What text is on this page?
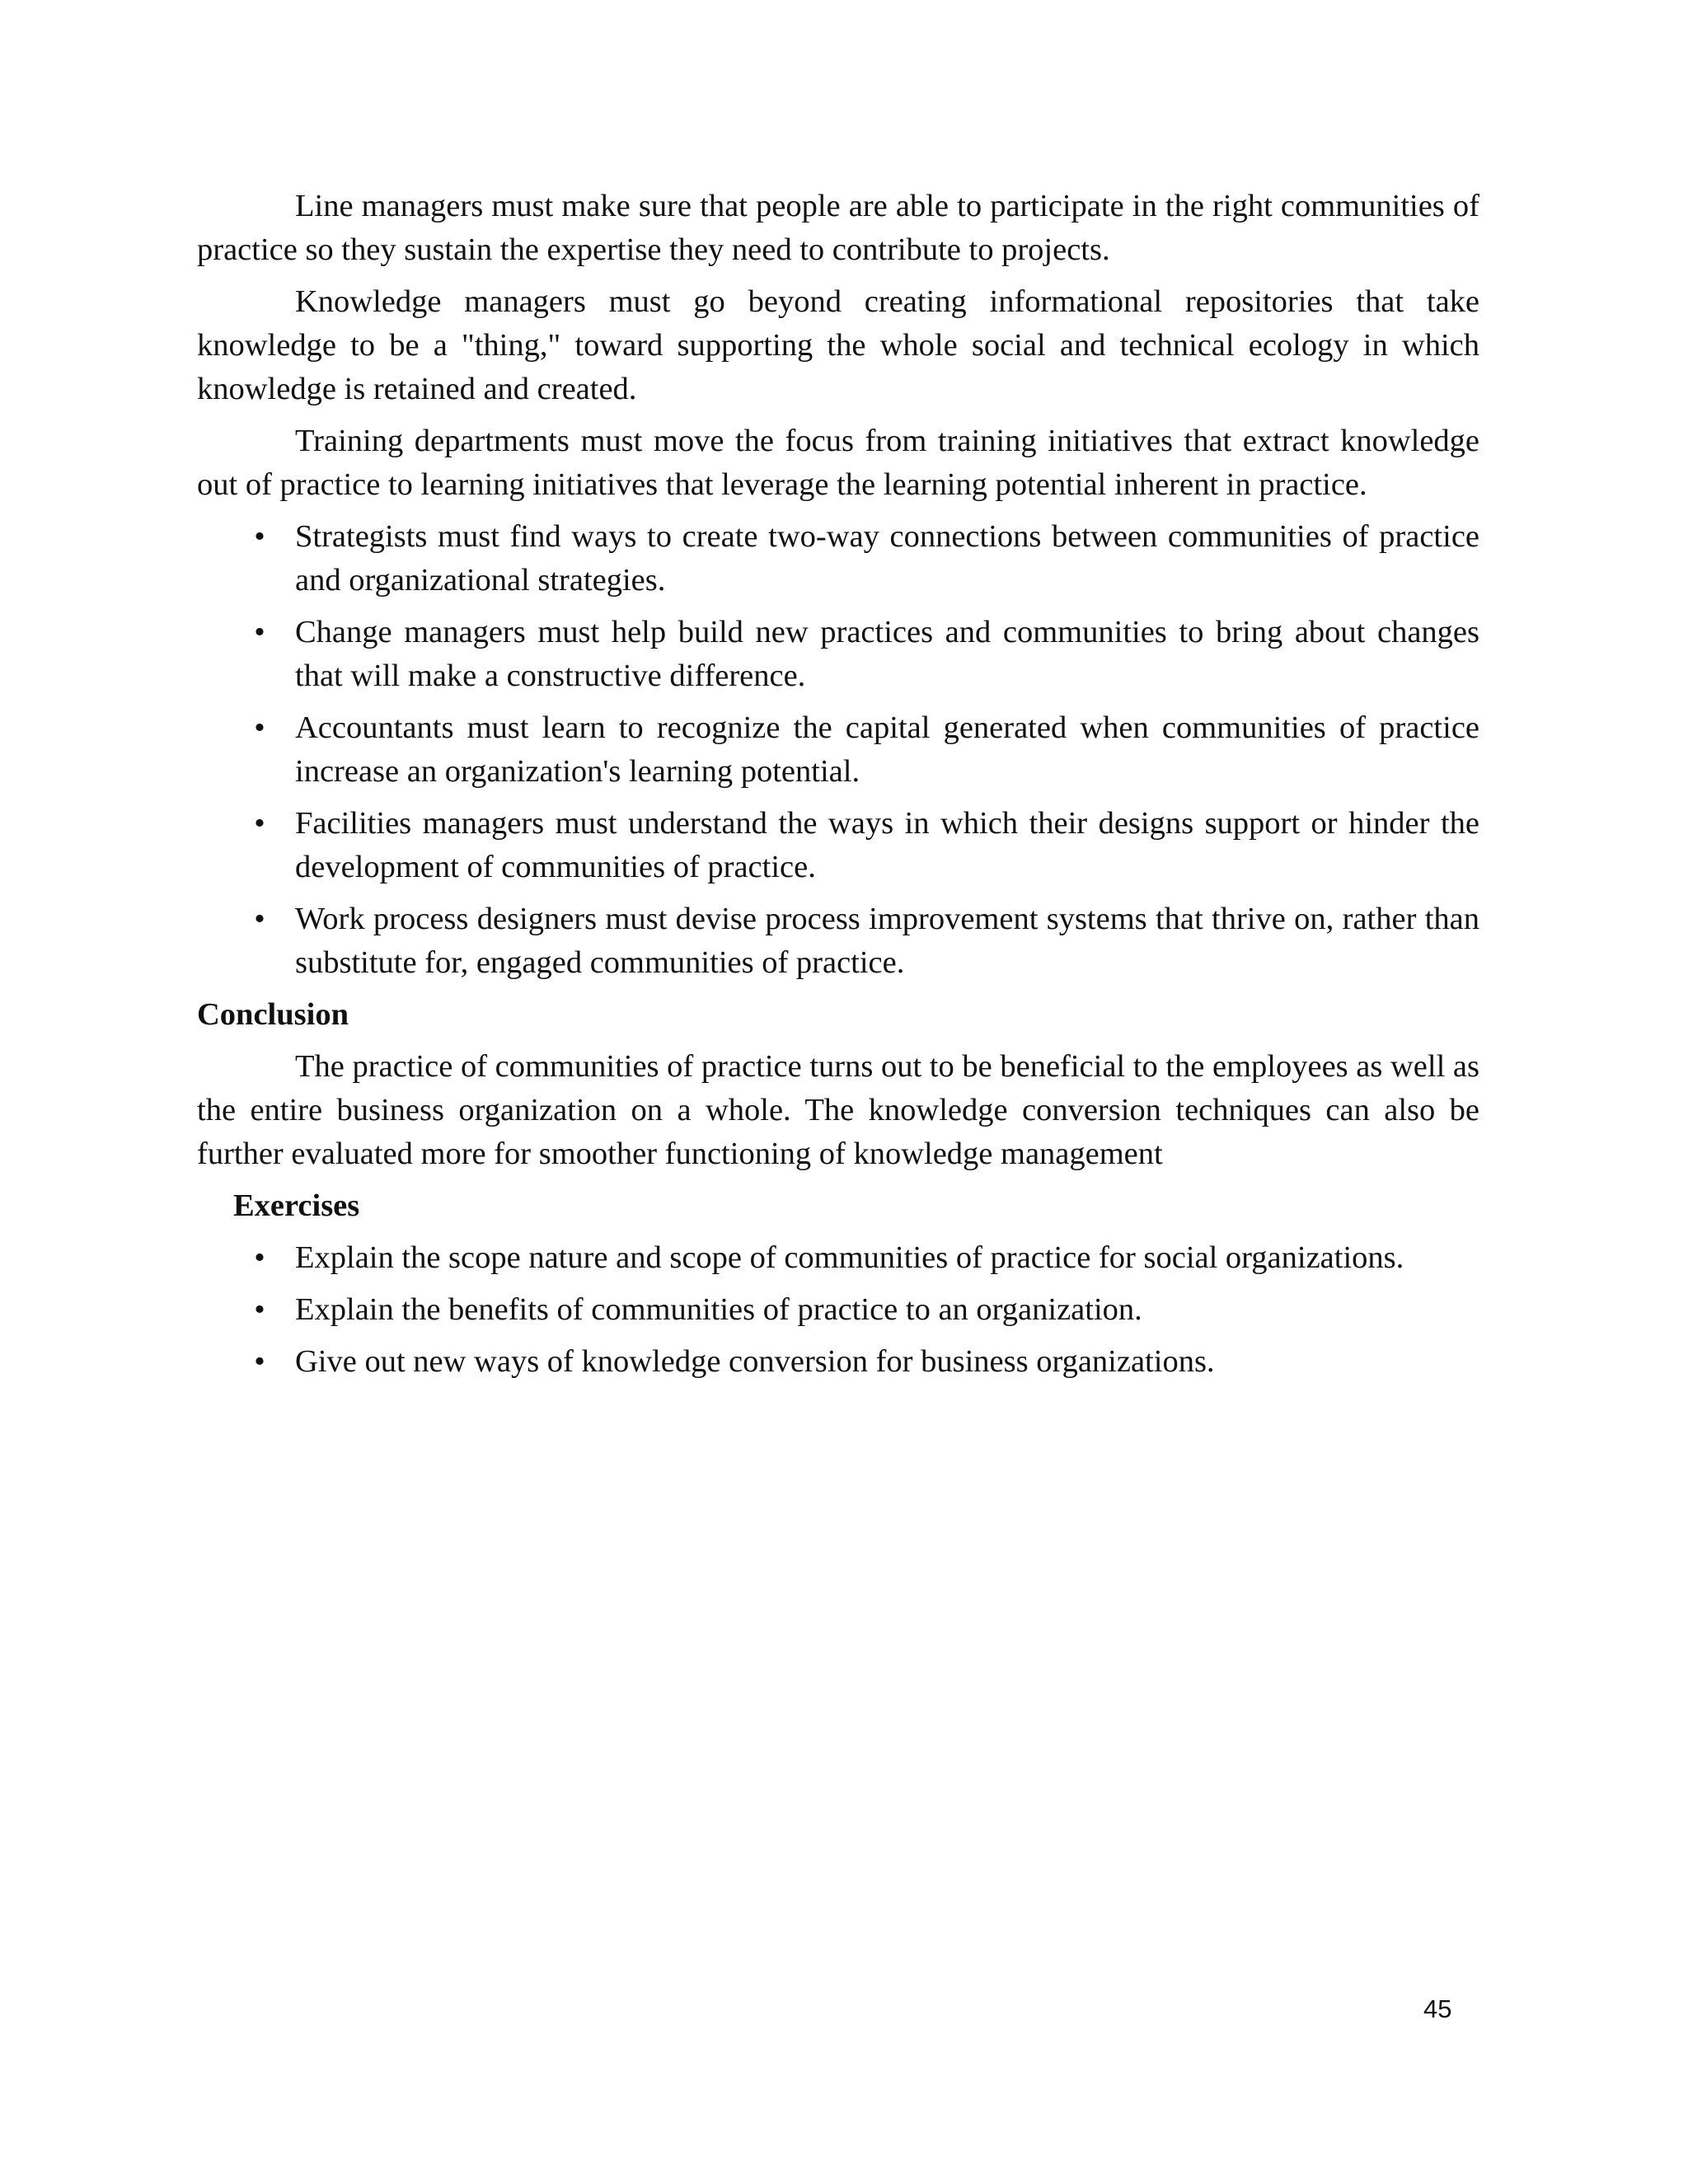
Line managers must make sure that people are able to participate in the right communities of practice so they sustain the expertise they need to contribute to projects.

Knowledge managers must go beyond creating informational repositories that take knowledge to be a "thing," toward supporting the whole social and technical ecology in which knowledge is retained and created.

Training departments must move the focus from training initiatives that extract knowledge out of practice to learning initiatives that leverage the learning potential inherent in practice.

• Strategists must find ways to create two-way connections between communities of practice and organizational strategies.
• Change managers must help build new practices and communities to bring about changes that will make a constructive difference.
• Accountants must learn to recognize the capital generated when communities of practice increase an organization's learning potential.
• Facilities managers must understand the ways in which their designs support or hinder the development of communities of practice.
• Work process designers must devise process improvement systems that thrive on, rather than substitute for, engaged communities of practice.
Conclusion

The practice of communities of practice turns out to be beneficial to the employees as well as the entire business organization on a whole. The knowledge conversion techniques can also be further evaluated more for smoother functioning of knowledge management

Exercises
• Explain the scope nature and scope of communities of practice for social organizations.
• Explain the benefits of communities of practice to an organization.
• Give out new ways of knowledge conversion for business organizations.
45
